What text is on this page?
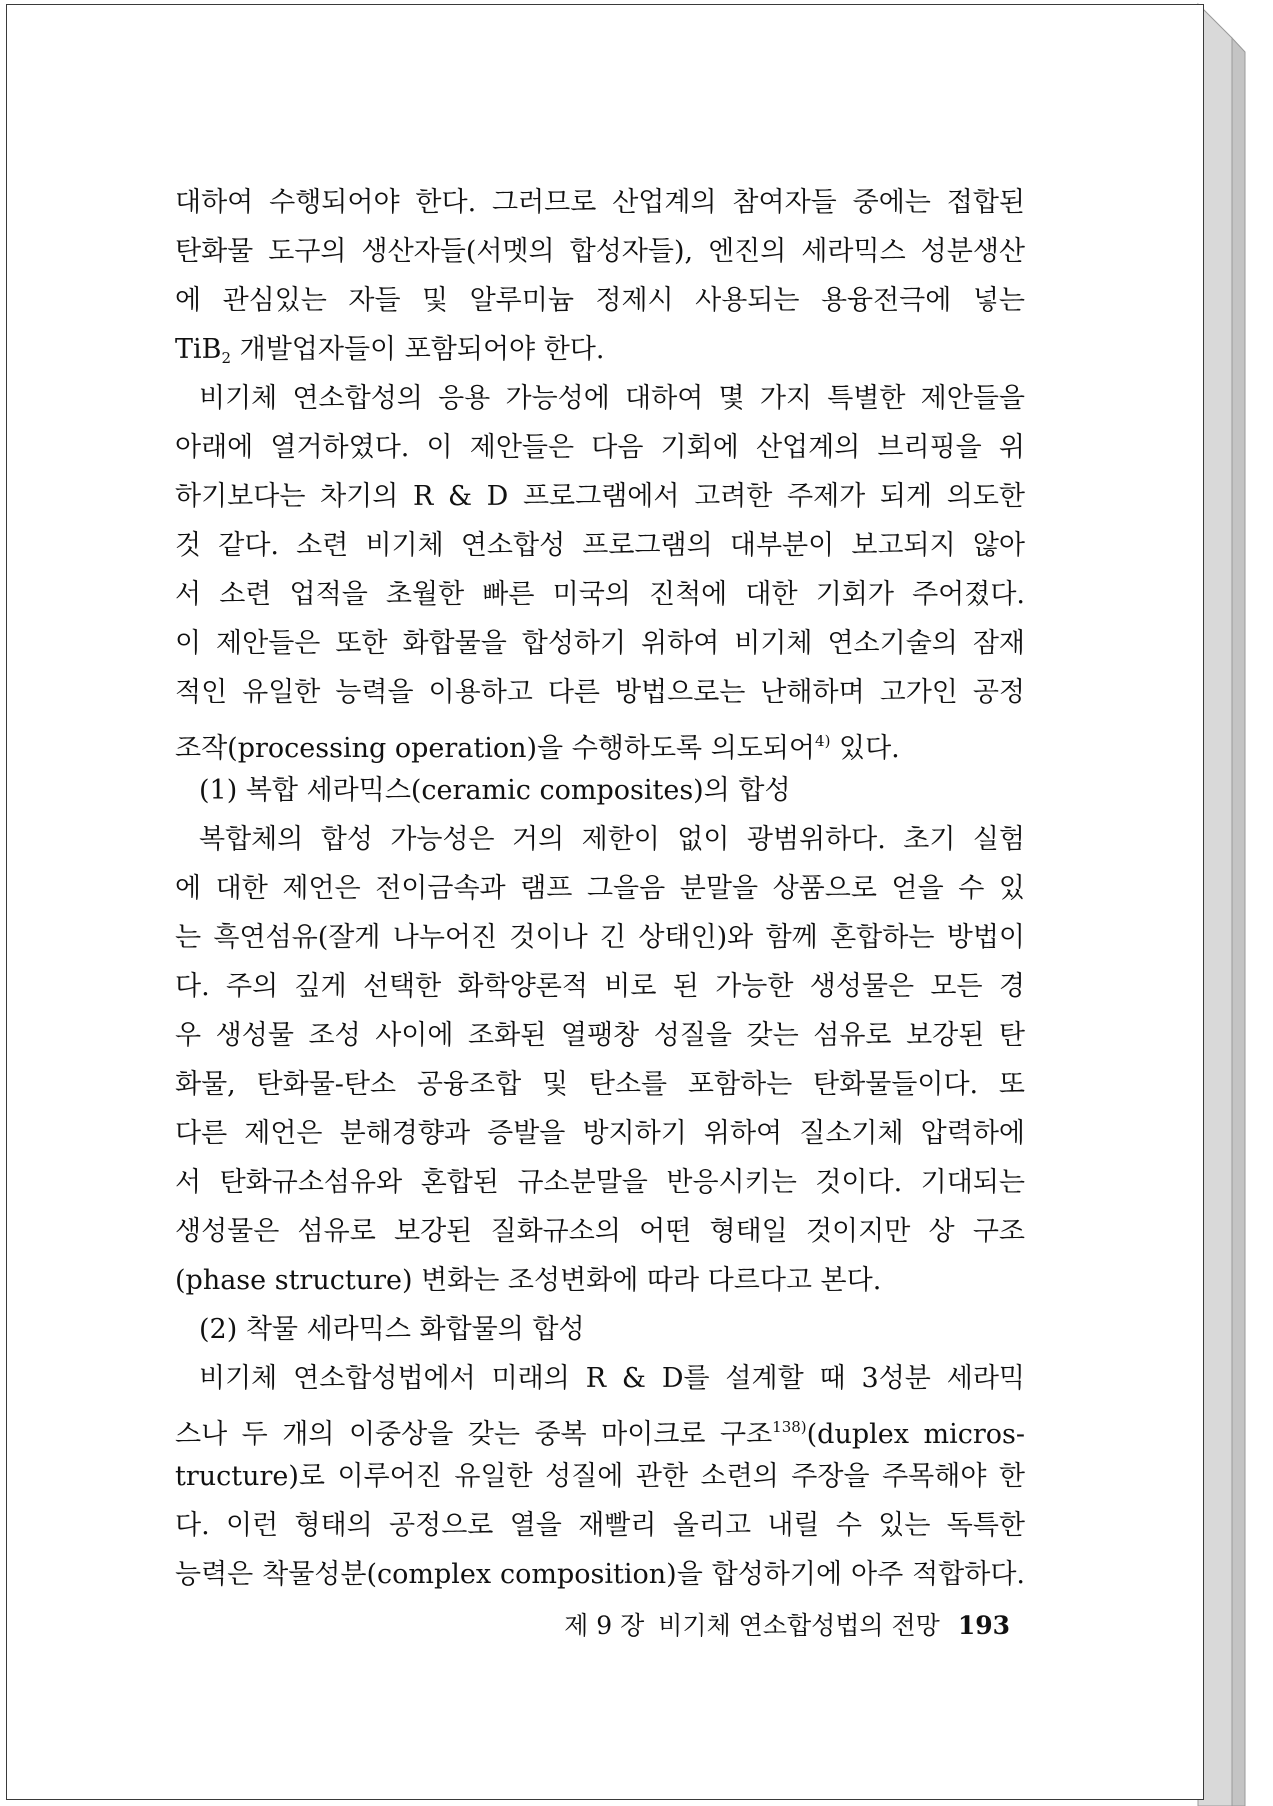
대하여 수행되어야 한다. 그러므로 산업계의 참여자들 중에는 접합된
탄화물 도구의 생산자들(서멧의 합성자들), 엔진의 세라믹스 성분생산
에 관심있는 자들 및 알루미늄 정제시 사용되는 용융전극에 넣는
TiB$_2$ 개발업자들이 포함되어야 한다.
비기체 연소합성의 응용 가능성에 대하여 몇 가지 특별한 제안들을
아래에 열거하였다. 이 제안들은 다음 기회에 산업계의 브리핑을 위
하기보다는 차기의 R & D 프로그램에서 고려한 주제가 되게 의도한
것 같다. 소련 비기체 연소합성 프로그램의 대부분이 보고되지 않아
서 소련 업적을 초월한 빠른 미국의 진척에 대한 기회가 주어졌다.
이 제안들은 또한 화합물을 합성하기 위하여 비기체 연소기술의 잠재
적인 유일한 능력을 이용하고 다른 방법으로는 난해하며 고가인 공정
조작(processing operation)을 수행하도록 의도되어$^{4)}$ 있다.
(1) 복합 세라믹스(ceramic composites)의 합성
복합체의 합성 가능성은 거의 제한이 없이 광범위하다. 초기 실험
에 대한 제언은 전이금속과 램프 그을음 분말을 상품으로 얻을 수 있
는 흑연섬유(잘게 나누어진 것이나 긴 상태인)와 함께 혼합하는 방법이
다. 주의 깊게 선택한 화학양론적 비로 된 가능한 생성물은 모든 경
우 생성물 조성 사이에 조화된 열팽창 성질을 갖는 섬유로 보강된 탄
화물, 탄화물-탄소 공융조합 및 탄소를 포함하는 탄화물들이다. 또
다른 제언은 분해경향과 증발을 방지하기 위하여 질소기체 압력하에
서 탄화규소섬유와 혼합된 규소분말을 반응시키는 것이다. 기대되는
생성물은 섬유로 보강된 질화규소의 어떤 형태일 것이지만 상 구조
(phase structure) 변화는 조성변화에 따라 다르다고 본다.
(2) 착물 세라믹스 화합물의 합성
비기체 연소합성법에서 미래의 R & D를 설계할 때 3성분 세라믹
스나 두 개의 이중상을 갖는 중복 마이크로 구조$^{138)}$(duplex micros-
tructure)로 이루어진 유일한 성질에 관한 소련의 주장을 주목해야 한
다. 이런 형태의 공정으로 열을 재빨리 올리고 내릴 수 있는 독특한
능력은 착물성분(complex composition)을 합성하기에 아주 적합하다.
제 9 장 비기체 연소합성법의 전망 193
